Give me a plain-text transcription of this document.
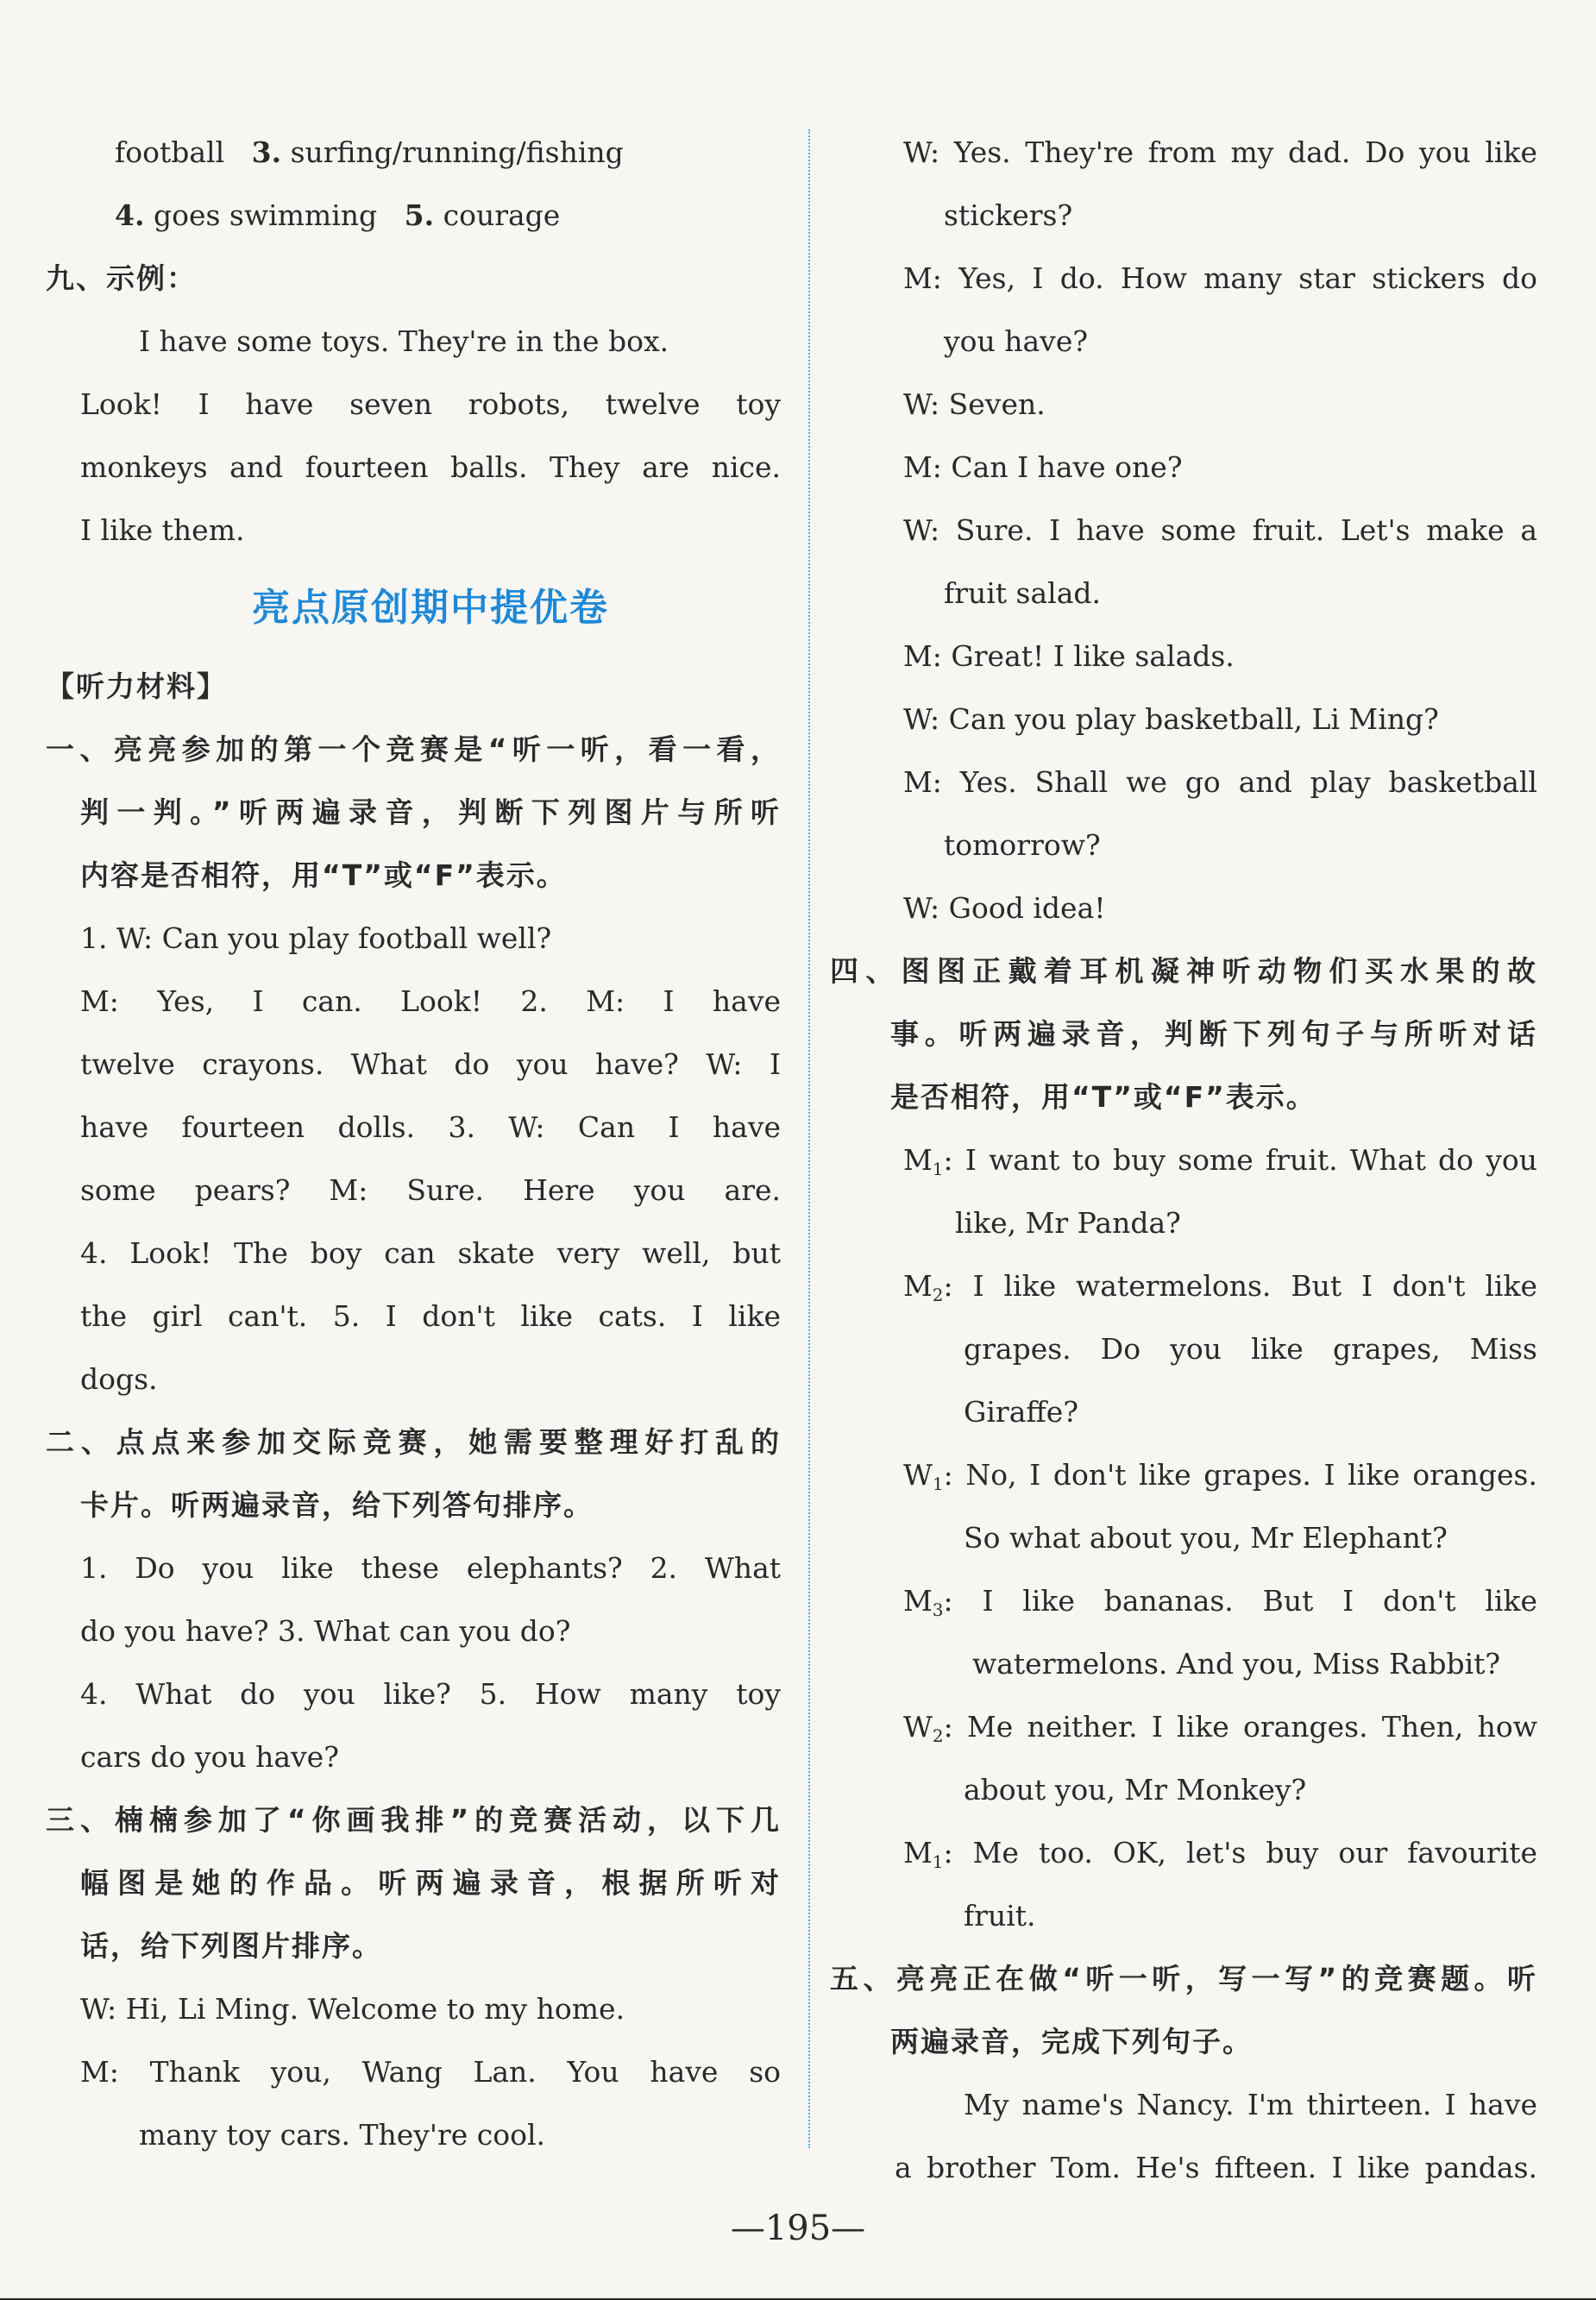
football 3. surfing/running/fishing
4. goes swimming 5. courage
九、示例：
I have some toys. They're in the box.
Look! I have seven robots, twelve toy
monkeys and fourteen balls. They are nice.
I like them.
亮点原创期中提优卷
【听力材料】
一、亮亮参加的第一个竞赛是“听一听，看一看，
判一判。”听两遍录音，判断下列图片与所听
内容是否相符，用“T”或“F”表示。
1. W: Can you play football well?
M: Yes, I can. Look! 2. M: I have
twelve crayons. What do you have? W: I
have fourteen dolls. 3. W: Can I have
some pears? M: Sure. Here you are.
4. Look! The boy can skate very well, but
the girl can't. 5. I don't like cats. I like
dogs.
二、点点来参加交际竞赛，她需要整理好打乱的
卡片。听两遍录音，给下列答句排序。
1. Do you like these elephants? 2. What
do you have? 3. What can you do?
4. What do you like? 5. How many toy
cars do you have?
三、楠楠参加了“你画我排”的竞赛活动，以下几
幅图是她的作品。听两遍录音，根据所听对
话，给下列图片排序。
W: Hi, Li Ming. Welcome to my home.
M: Thank you, Wang Lan. You have so
many toy cars. They're cool.
W: Yes. They're from my dad. Do you like
stickers?
M: Yes, I do. How many star stickers do
you have?
W: Seven.
M: Can I have one?
W: Sure. I have some fruit. Let's make a
fruit salad.
M: Great! I like salads.
W: Can you play basketball, Li Ming?
M: Yes. Shall we go and play basketball
tomorrow?
W: Good idea!
四、图图正戴着耳机凝神听动物们买水果的故
事。听两遍录音，判断下列句子与所听对话
是否相符，用“T”或“F”表示。
$M_1$: I want to buy some fruit. What do you
like, Mr Panda?
$M_2$: I like watermelons. But I don't like
grapes. Do you like grapes, Miss
Giraffe?
$W_1$: No, I don't like grapes. I like oranges.
So what about you, Mr Elephant?
$M_3$: I like bananas. But I don't like
watermelons. And you, Miss Rabbit?
$W_2$: Me neither. I like oranges. Then, how
about you, Mr Monkey?
$M_1$: Me too. OK, let's buy our favourite
fruit.
五、亮亮正在做“听一听，写一写”的竞赛题。听
两遍录音，完成下列句子。
My name's Nancy. I'm thirteen. I have
a brother Tom. He's fifteen. I like pandas.
—195—
